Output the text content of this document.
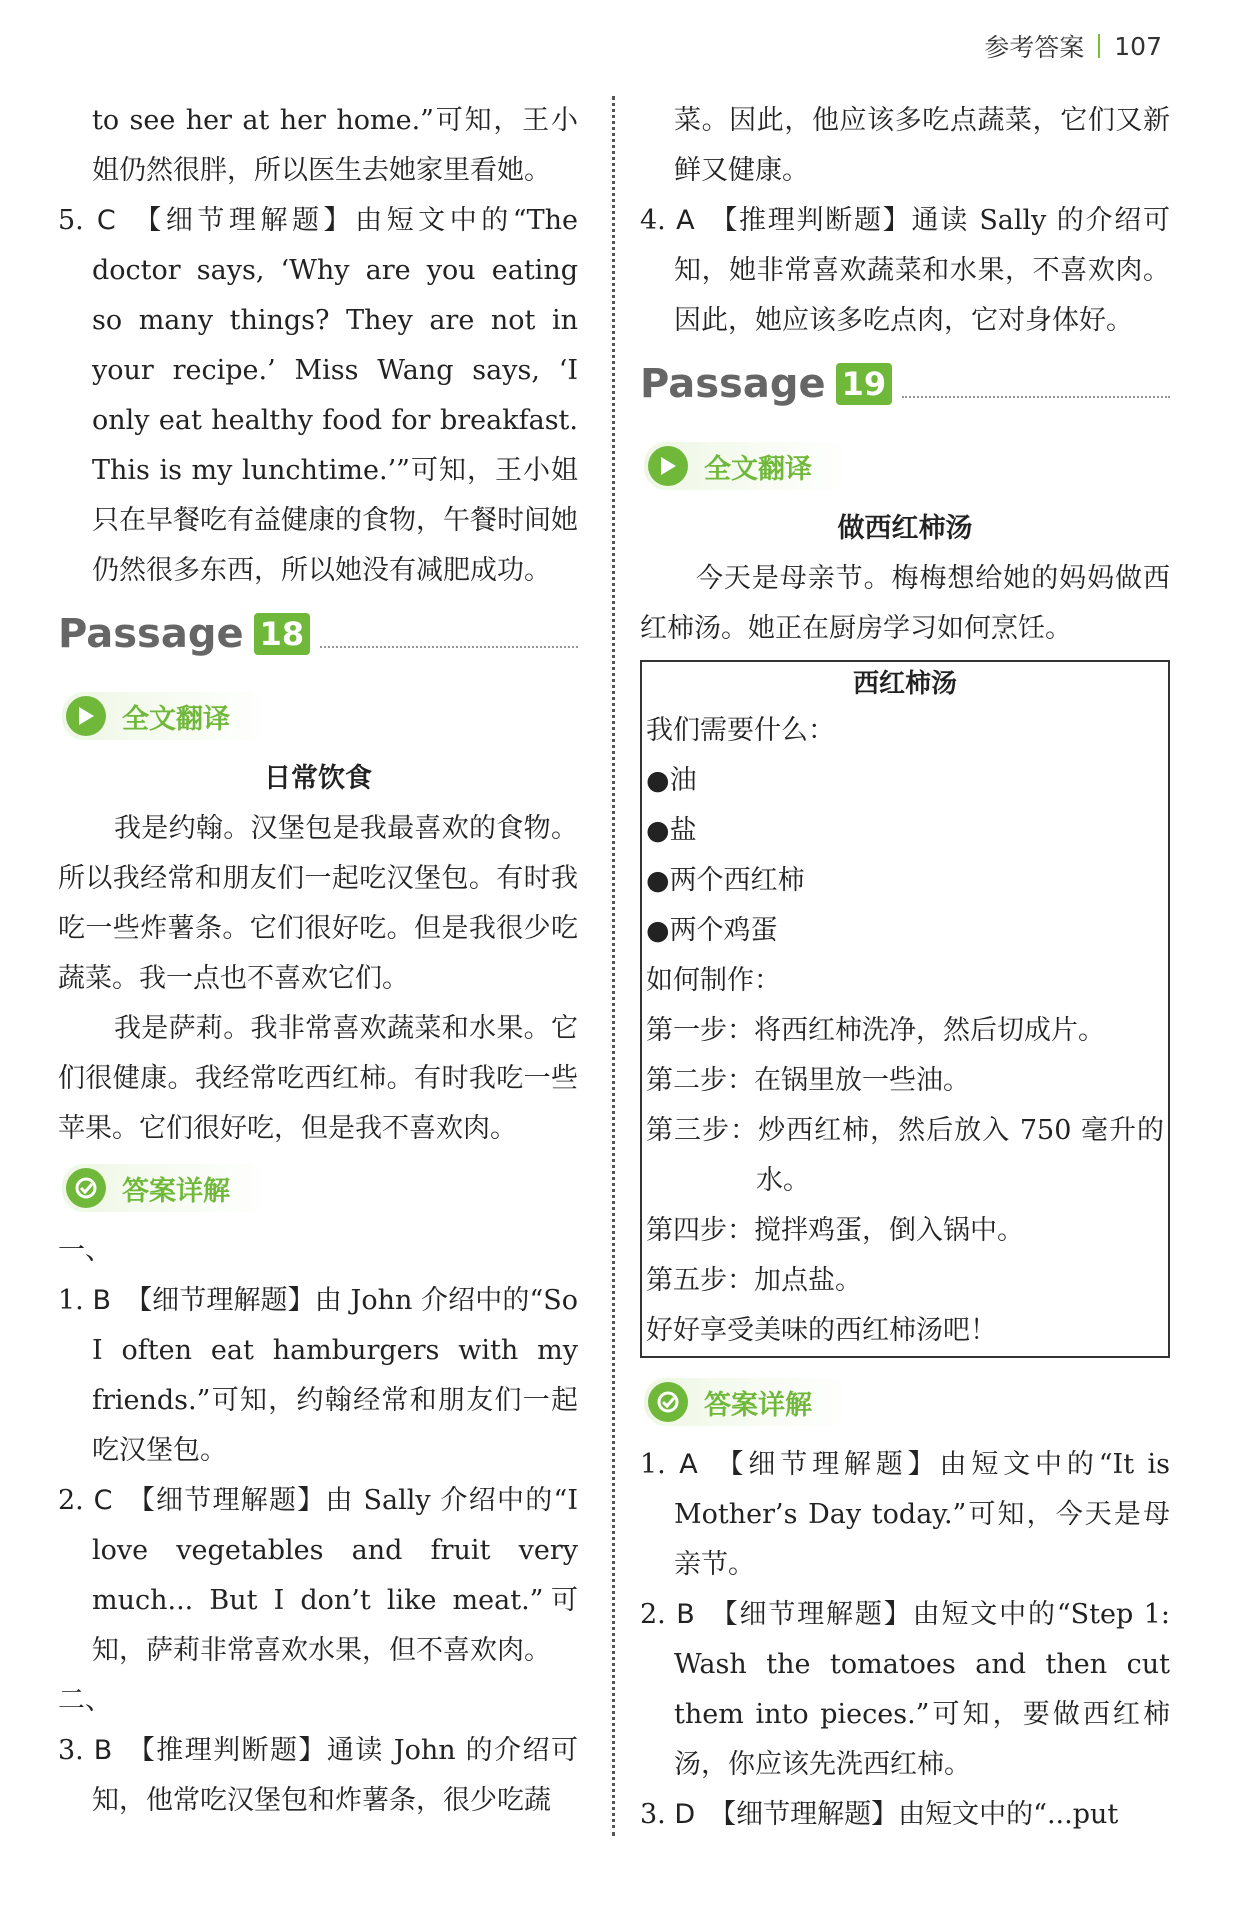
参考答案 107

to see her at her home.”可知，王小姐仍然很胖，所以医生去她家里看她。

5. C 【细节理解题】由短文中的“The doctor says, ‘Why are you eating so many things? They are not in your recipe.’ Miss Wang says, ‘I only eat healthy food for breakfast. This is my lunchtime.’”可知，王小姐只在早餐吃有益健康的食物，午餐时间她仍然很多东西，所以她没有减肥成功。

Passage 18
全文翻译

日常饮食

我是约翰。汉堡包是我最喜欢的食物。所以我经常和朋友们一起吃汉堡包。有时我吃一些炸薯条。它们很好吃。但是我很少吃蔬菜。我一点也不喜欢它们。

我是萨莉。我非常喜欢蔬菜和水果。它们很健康。我经常吃西红柿。有时我吃一些苹果。它们很好吃，但是我不喜欢肉。

答案详解

一、

1. B 【细节理解题】由 John 介绍中的“So I often eat hamburgers with my friends.”可知，约翰经常和朋友们一起吃汉堡包。

2. C 【细节理解题】由 Sally 介绍中的“I love vegetables and fruit very much... But I don’t like meat.”可知，萨莉非常喜欢水果，但不喜欢肉。

二、

3. B 【推理判断题】通读 John 的介绍可知，他常吃汉堡包和炸薯条，很少吃蔬

菜。因此，他应该多吃点蔬菜，它们又新鲜又健康。

4. A 【推理判断题】通读 Sally 的介绍可知，她非常喜欢蔬菜和水果，不喜欢肉。因此，她应该多吃点肉，它对身体好。

Passage 19
全文翻译

做西红柿汤

今天是母亲节。梅梅想给她的妈妈做西红柿汤。她正在厨房学习如何烹饪。

西红柿汤

我们需要什么：

● 油

● 盐

● 两个西红柿

● 两个鸡蛋

如何制作：

第一步：将西红柿洗净，然后切成片。

第二步：在锅里放一些油。

第三步：炒西红柿，然后放入 750 毫升的水。

第四步：搅拌鸡蛋，倒入锅中。

第五步：加点盐。

好好享受美味的西红柿汤吧！

答案详解

1. A 【细节理解题】由短文中的“It is Mother’s Day today.”可知，今天是母亲节。

2. B 【细节理解题】由短文中的“Step 1: Wash the tomatoes and then cut them into pieces.”可知，要做西红柿汤，你应该先洗西红柿。

3. D 【细节理解题】由短文中的“...put
